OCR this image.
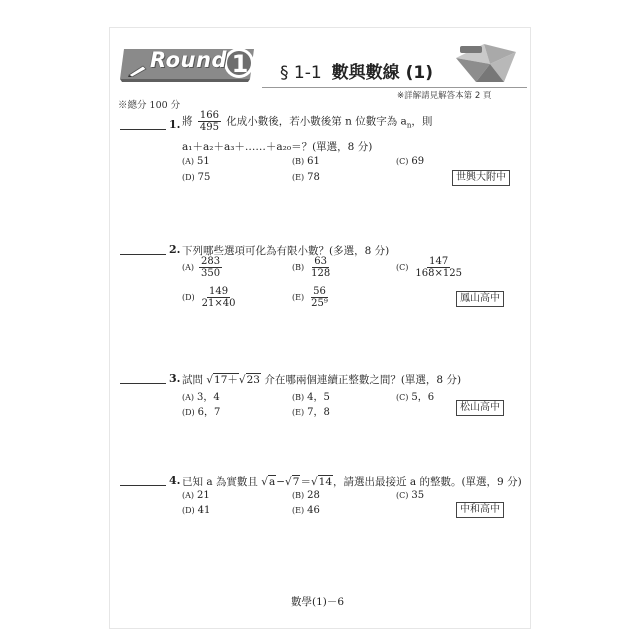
Round 1	§ 1-1 數與數線 (1)
※詳解請見解答本第 2 頁
※總分 100 分
1. 將 $\frac{166}{495}$ 化成小數後，若小數後第 n 位數字為 $a_n$，則
a₁＋a₂＋a₃＋……＋a₂₀＝？(單選，8 分)
(A) 51	(B) 61	(C) 69
(D) 75	(E) 78	世興大附中
2. 下列哪些選項可化為有限小數？(多選，8 分)
$(A) \frac{283}{350}$	$(B) \frac{63}{128}$	$(C) \frac{147}{168\times 125}$
$(D) \frac{149}{21\times 40}$	$(E) \frac{56}{\text{25⁹}}$	鳳山高中
3. 試問 √17＋√23 介在哪兩個連續正整數之間？(單選，8 分)
(A) 3，4	(B) 4，5	(C) 5，6
(D) 6，7	(E) 7，8	松山高中
4. 已知 a 為實數且 √a−√7＝√14，請選出最接近 a 的整數。(單選，9 分)
(A) 21	(B) 28	(C) 35
(D) 41	(E) 46	中和高中
數學(1)－6
